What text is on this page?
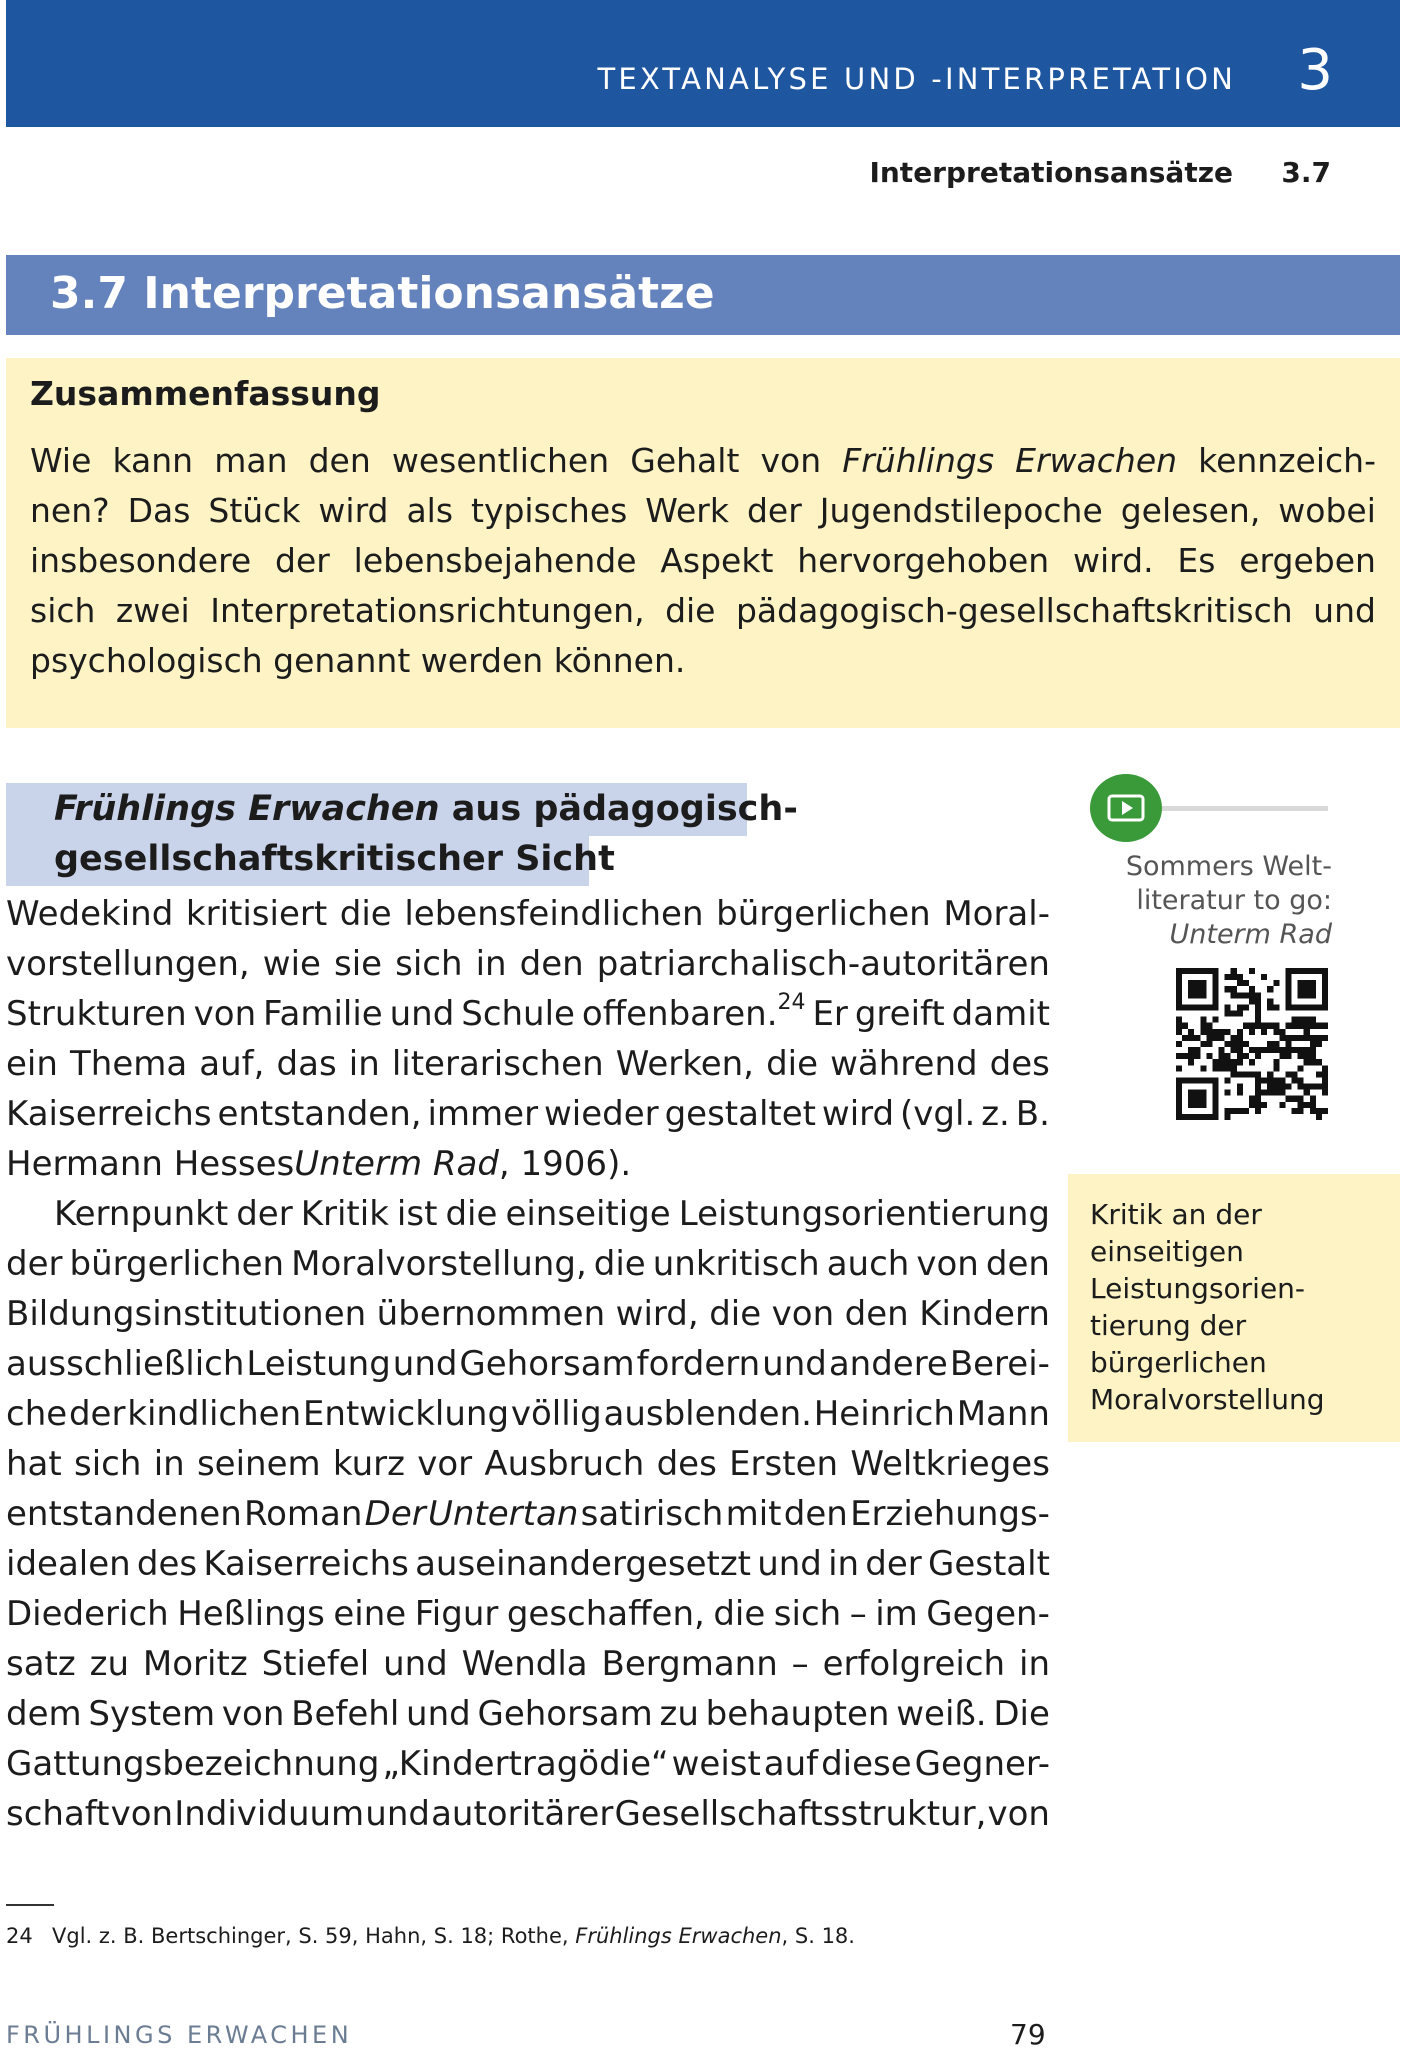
TEXTANALYSE UND -INTERPRETATION 3
Interpretationsansätze 3.7
3.7 Interpretationsansätze
Zusammenfassung
Wie kann man den wesentlichen Gehalt von Frühlings Erwachen kennzeich-
nen? Das Stück wird als typisches Werk der Jugendstilepoche gelesen, wobei
insbesondere der lebensbejahende Aspekt hervorgehoben wird. Es ergeben
sich zwei Interpretationsrichtungen, die pädagogisch-gesellschaftskritisch und
psychologisch genannt werden können.
Frühlings Erwachen aus pädagogisch-
gesellschaftskritischer Sicht
Wedekind kritisiert die lebensfeindlichen bürgerlichen Moral-
vorstellungen, wie sie sich in den patriarchalisch-autoritären
Strukturen von Familie und Schule offenbaren.$^{24}$ Er greift damit
ein Thema auf, das in literarischen Werken, die während des
Kaiserreichs entstanden, immer wieder gestaltet wird (vgl. z. B.
Hermann Hesses Unterm Rad , 1906).
Kernpunkt der Kritik ist die einseitige Leistungsorientierung
der bürgerlichen Moralvorstellung, die unkritisch auch von den
Bildungsinstitutionen übernommen wird, die von den Kindern
ausschließlich Leistung und Gehorsam fordern und andere Berei-
che der kindlichen Entwicklung völlig ausblenden. Heinrich Mann
hat sich in seinem kurz vor Ausbruch des Ersten Weltkrieges
entstandenen Roman Der Untertan satirisch mit den Erziehungs-
idealen des Kaiserreichs auseinandergesetzt und in der Gestalt
Diederich Heßlings eine Figur geschaffen, die sich – im Gegen-
satz zu Moritz Stiefel und Wendla Bergmann – erfolgreich in
dem System von Befehl und Gehorsam zu behaupten weiß. Die
Gattungsbezeichnung „Kindertragödie“ weist auf diese Gegner-
schaft von Individuum und autoritärer Gesellschaftsstruktur, von
Sommers Welt-
literatur to go:
Unterm Rad
Kritik an der
einseitigen
Leistungsorien-
tierung der
bürgerlichen
Moralvorstellung
24 Vgl. z. B. Bertschinger, S. 59, Hahn, S. 18; Rothe, Frühlings Erwachen, S. 18.
FRÜHLINGS ERWACHEN	79
